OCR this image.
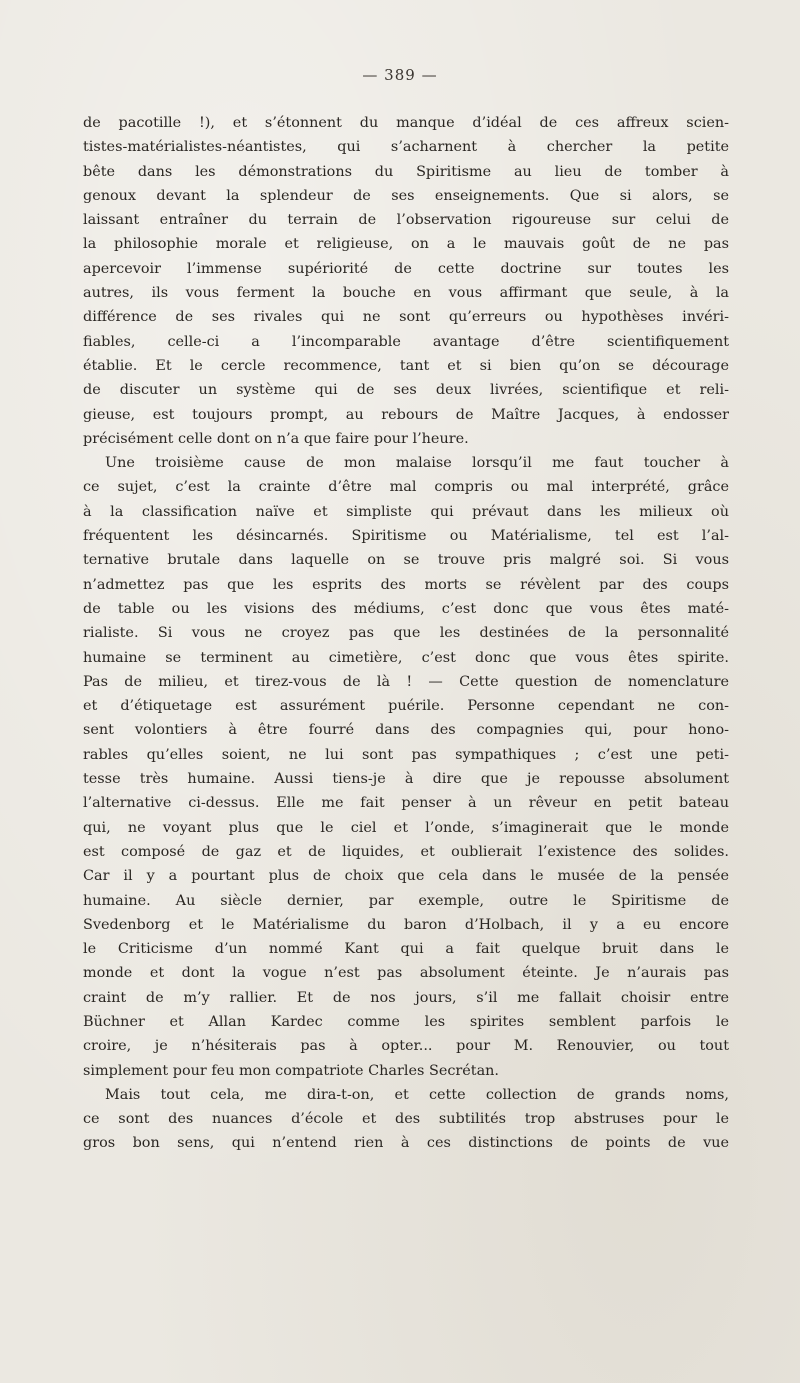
— 389 —
de pacotille !), et s’étonnent du manque d’idéal de ces affreux scien-
tistes-matérialistes-néantistes, qui s’acharnent à chercher la petite
bête dans les démonstrations du Spiritisme au lieu de tomber à
genoux devant la splendeur de ses enseignements. Que si alors, se
laissant entraîner du terrain de l’observation rigoureuse sur celui de
la philosophie morale et religieuse, on a le mauvais goût de ne pas
apercevoir l’immense supériorité de cette doctrine sur toutes les
autres, ils vous ferment la bouche en vous affirmant que seule, à la
différence de ses rivales qui ne sont qu’erreurs ou hypothèses invéri-
fiables, celle-ci a l’incomparable avantage d’être scientifiquement
établie. Et le cercle recommence, tant et si bien qu’on se décourage
de discuter un système qui de ses deux livrées, scientifique et reli-
gieuse, est toujours prompt, au rebours de Maître Jacques, à endosser
précisément celle dont on n’a que faire pour l’heure.
Une troisième cause de mon malaise lorsqu’il me faut toucher à
ce sujet, c’est la crainte d’être mal compris ou mal interprété, grâce
à la classification naïve et simpliste qui prévaut dans les milieux où
fréquentent les désincarnés. Spiritisme ou Matérialisme, tel est l’al-
ternative brutale dans laquelle on se trouve pris malgré soi. Si vous
n’admettez pas que les esprits des morts se révèlent par des coups
de table ou les visions des médiums, c’est donc que vous êtes maté-
rialiste. Si vous ne croyez pas que les destinées de la personnalité
humaine se terminent au cimetière, c’est donc que vous êtes spirite.
Pas de milieu, et tirez-vous de là ! — Cette question de nomenclature
et d’étiquetage est assurément puérile. Personne cependant ne con-
sent volontiers à être fourré dans des compagnies qui, pour hono-
rables qu’elles soient, ne lui sont pas sympathiques ; c’est une peti-
tesse très humaine. Aussi tiens-je à dire que je repousse absolument
l’alternative ci-dessus. Elle me fait penser à un rêveur en petit bateau
qui, ne voyant plus que le ciel et l’onde, s’imaginerait que le monde
est composé de gaz et de liquides, et oublierait l’existence des solides.
Car il y a pourtant plus de choix que cela dans le musée de la pensée
humaine. Au siècle dernier, par exemple, outre le Spiritisme de
Svedenborg et le Matérialisme du baron d’Holbach, il y a eu encore
le Criticisme d’un nommé Kant qui a fait quelque bruit dans le
monde et dont la vogue n’est pas absolument éteinte. Je n’aurais pas
craint de m’y rallier. Et de nos jours, s’il me fallait choisir entre
Büchner et Allan Kardec comme les spirites semblent parfois le
croire, je n’hésiterais pas à opter... pour M. Renouvier, ou tout
simplement pour feu mon compatriote Charles Secrétan.
Mais tout cela, me dira-t-on, et cette collection de grands noms,
ce sont des nuances d’école et des subtilités trop abstruses pour le
gros bon sens, qui n’entend rien à ces distinctions de points de vue
